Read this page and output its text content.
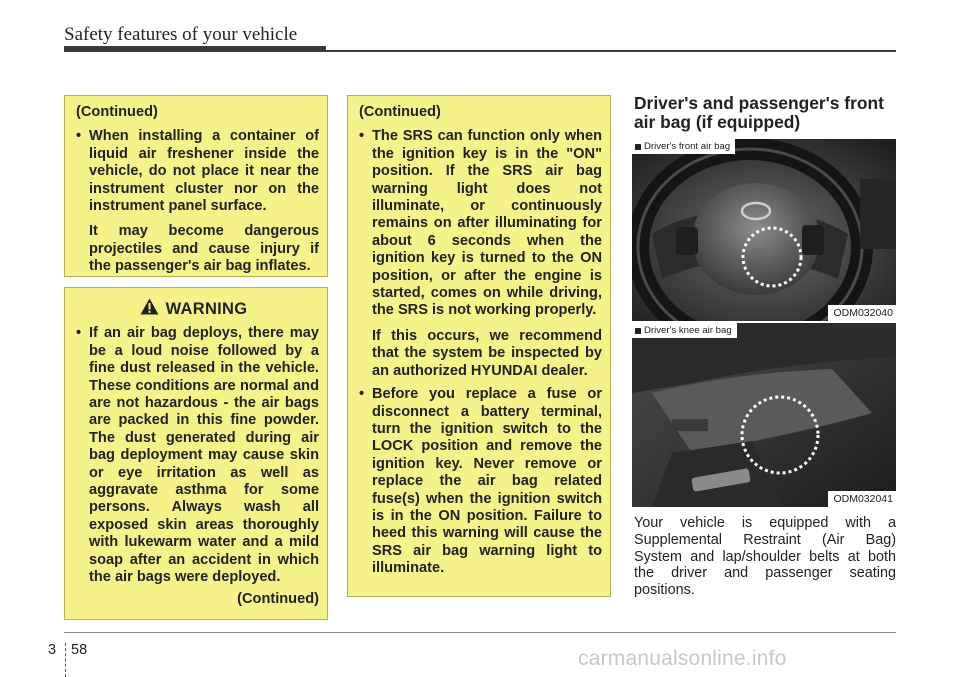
Safety features of your vehicle

(Continued)

• When installing a container of liquid air freshener inside the vehicle, do not place it near the instrument cluster nor on the instrument panel surface.

It may become dangerous projectiles and cause injury if the passenger's air bag inflates.

WARNING
• If an air bag deploys, there may be a loud noise followed by a fine dust released in the vehicle. These conditions are normal and are not hazardous - the air bags are packed in this fine powder. The dust generated during air bag deployment may cause skin or eye irritation as well as aggravate asthma for some persons. Always wash all exposed skin areas thoroughly with lukewarm water and a mild soap after an accident in which the air bags were deployed.

(Continued)

(Continued)

• The SRS can function only when the ignition key is in the "ON" position. If the SRS air bag warning light does not illuminate, or continuously remains on after illuminating for about 6 seconds when the ignition key is turned to the ON position, or after the engine is started, comes on while driving, the SRS is not working properly.

If this occurs, we recommend that the system be inspected by an authorized HYUNDAI dealer.

• Before you replace a fuse or disconnect a battery terminal, turn the ignition switch to the LOCK position and remove the ignition key. Never remove or replace the air bag related fuse(s) when the ignition switch is in the ON position. Failure to heed this warning will cause the SRS air bag warning light to illuminate.
Driver's and passenger's front air bag (if equipped)
Driver's front air bag
ODM032040
Driver's knee air bag
ODM032041
Your vehicle is equipped with a Supplemental Restraint (Air Bag) System and lap/shoulder belts at both the driver and passenger seating positions.
3 58	carmanualsonline.info
